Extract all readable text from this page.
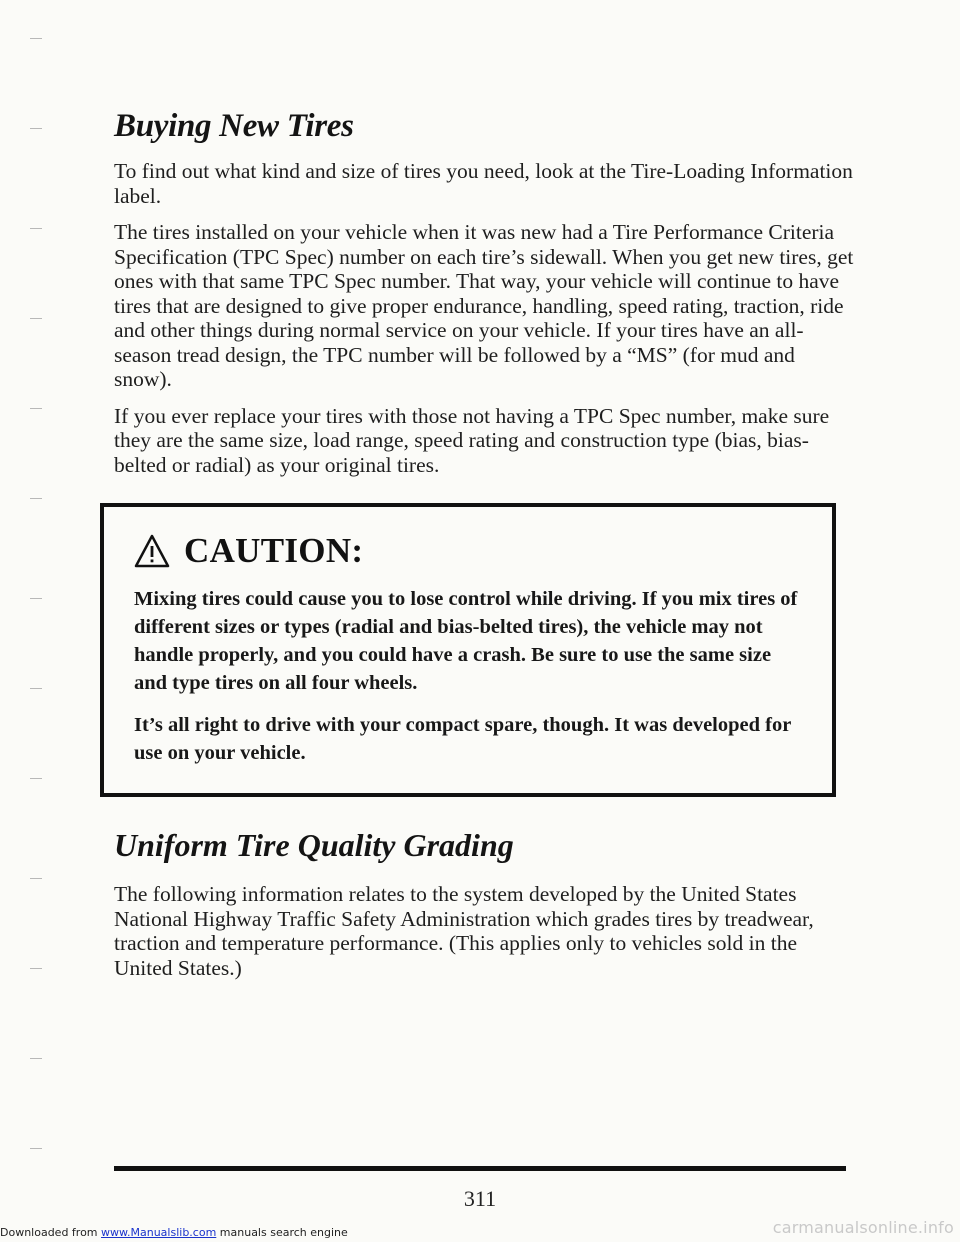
Buying New Tires

To find out what kind and size of tires you need, look at the Tire-Loading Information label.

The tires installed on your vehicle when it was new had a Tire Performance Criteria Specification (TPC Spec) number on each tire’s sidewall. When you get new tires, get ones with that same TPC Spec number. That way, your vehicle will continue to have tires that are designed to give proper endurance, handling, speed rating, traction, ride and other things during normal service on your vehicle. If your tires have an all-season tread design, the TPC number will be followed by a “MS” (for mud and snow).

If you ever replace your tires with those not having a TPC Spec number, make sure they are the same size, load range, speed rating and construction type (bias, bias-belted or radial) as your original tires.

CAUTION:

Mixing tires could cause you to lose control while driving. If you mix tires of different sizes or types (radial and bias-belted tires), the vehicle may not handle properly, and you could have a crash. Be sure to use the same size and type tires on all four wheels.

It’s all right to drive with your compact spare, though. It was developed for use on your vehicle.

Uniform Tire Quality Grading

The following information relates to the system developed by the United States National Highway Traffic Safety Administration which grades tires by treadwear, traction and temperature performance. (This applies only to vehicles sold in the United States.)

311
Downloaded from www.Manualslib.com manuals search engine	carmanualsonline.info
